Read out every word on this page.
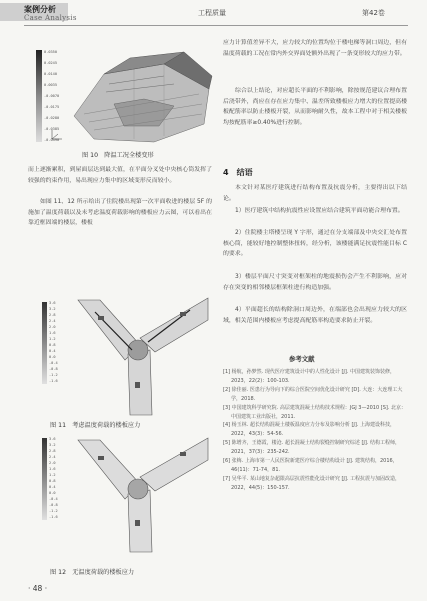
案例分析
Case Analysis
工程质量	第42卷
0.0350
0.0245
0.0140
0.0035
-0.0070
-0.0175
-0.0280
-0.0385
-0.0490
图 10　降温工况全楼变形
而上逐渐累积，到屋面层达到最大值，在平面分叉处中央核心筒发挥了较强的约束作用，易出现应力集中的区域变形反而较小。
如图 11、12 所示给出了住院楼出现第一次平面收进的楼层 5F 的施加了温度荷载以及未考虑温度荷载影响的楼板应力云图，可以看出在靠近框固端的楼层，楼板
3.6
3.2
2.8
2.4
2.0
1.6
1.2
0.8
0.4
0.0
-0.4
-0.8
-1.2
-1.6
图 11　考虑温度荷载的楼板应力
3.6
3.2
2.8
2.4
2.0
1.6
1.2
0.8
0.4
0.0
-0.4
-0.8
-1.2
-1.6
图 12　无温度荷载的楼板应力
应力计算值差异不大，应力较大的位置均位于楼电梯等洞口周边，但有温度荷载的工况在常内外交界面处额外出现了一条变形较大的应力带。
综合以上结论，对应超长平面的不利影响，除按规范建议合理布置后浇带外，尚应在存在应力集中、温差所致楼板应力增大的位置提高楼板配筋率以防止楼板开裂，从而影响耐久性，故本工程中对于相关楼板均按配筋率≥0.40%进行控制。
4　结语
本文针对某医疗建筑进行结构布置及抗震分析，主要得出以下结论。
1）医疗建筑中结构抗震性应设置应结合建筑平面功能合理布置。
2）住院楼主塔楼呈现 Y 字形，通过在分支端部及中央交汇处布置核心筒，能较好地控制整体扭转，经分析，该楼能满足抗震性能目标 C 的要求。
3）楼层平面尺寸突变对框架柱的地震损伤会产生不利影响，应对存在突变的相邻楼层框架柱进行构造加强。
4）平面超长的结构除洞口周边外，在端部也会出现应力较大的区域，相关范围内楼板应考虑提高配筋率构造要求防止开裂。
参考文献
[1] 杨航，孙梦然. 现代医疗建筑设计中的人性化设计 [J]. 中国建筑装饰装修，2023，22(2)：100-103.
[2] 徐佳丽. 医患行为导向下的综合医院空间优化设计研究 [D]. 大连：大连理工大学，2018.
[3] 中国建筑科学研究院. 高层建筑混凝土结构技术规程：JGJ 3—2010 [S]. 北京：中国建筑工业出版社，2011.
[4] 杨玉林. 超长结构混凝土楼板温度应力分布及影响分析 [J]. 上海建设科技，2022，43(3)：54-56.
[5] 陈增齐，王德霞，楼沧. 超长混凝土结构裂缝控制研究综述 [J]. 结构工程师，2021，37(3)：235-242.
[6] 张梅. 上海市第一人民医院新建医疗综合楼结构设计 [J]. 建筑结构，2016，46(11)：71-74，81.
[7] 吴华平. 某山地复杂超限高层抗震性能化设计研究 [J]. 工程抗震与加固改造，2022，44(5)：150-157.
· 48 ·
